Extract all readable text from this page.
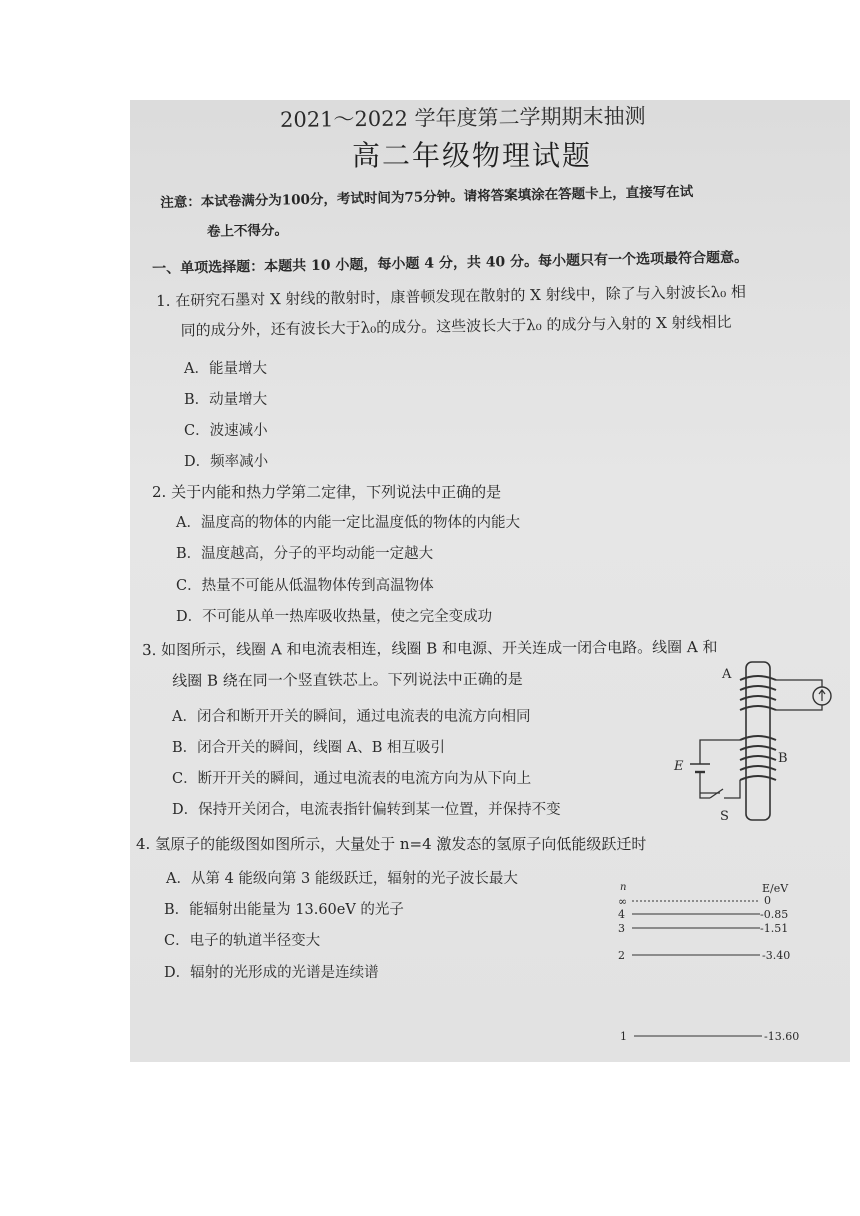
2021～2022 学年度第二学期期末抽测
高二年级物理试题
注意：本试卷满分为100分，考试时间为75分钟。请将答案填涂在答题卡上，直接写在试
卷上不得分。
一、单项选择题：本题共 10 小题，每小题 4 分，共 40 分。每小题只有一个选项最符合题意。
1. 在研究石墨对 X 射线的散射时，康普顿发现在散射的 X 射线中，除了与入射波长λ₀ 相
同的成分外，还有波长大于λ₀的成分。这些波长大于λ₀ 的成分与入射的 X 射线相比
A．能量增大
B．动量增大
C．波速减小
D．频率减小
2. 关于内能和热力学第二定律，下列说法中正确的是
A．温度高的物体的内能一定比温度低的物体的内能大
B．温度越高，分子的平均动能一定越大
C．热量不可能从低温物体传到高温物体
D．不可能从单一热库吸收热量，使之完全变成功
3. 如图所示，线圈 A 和电流表相连，线圈 B 和电源、开关连成一闭合电路。线圈 A 和
线圈 B 绕在同一个竖直铁芯上。下列说法中正确的是
A．闭合和断开开关的瞬间，通过电流表的电流方向相同
B．闭合开关的瞬间，线圈 A、B 相互吸引
C．断开开关的瞬间，通过电流表的电流方向为从下向上
D．保持开关闭合，电流表指针偏转到某一位置，并保持不变
A
B
E
S
4. 氢原子的能级图如图所示，大量处于 n=4 激发态的氢原子向低能级跃迁时
A．从第 4 能级向第 3 能级跃迁，辐射的光子波长最大
B．能辐射出能量为 13.60eV 的光子
C．电子的轨道半径变大
D．辐射的光形成的光谱是连续谱
n	E/eV
∞	0
4	-0.85
3	-1.51
2	-3.40
1	-13.60
